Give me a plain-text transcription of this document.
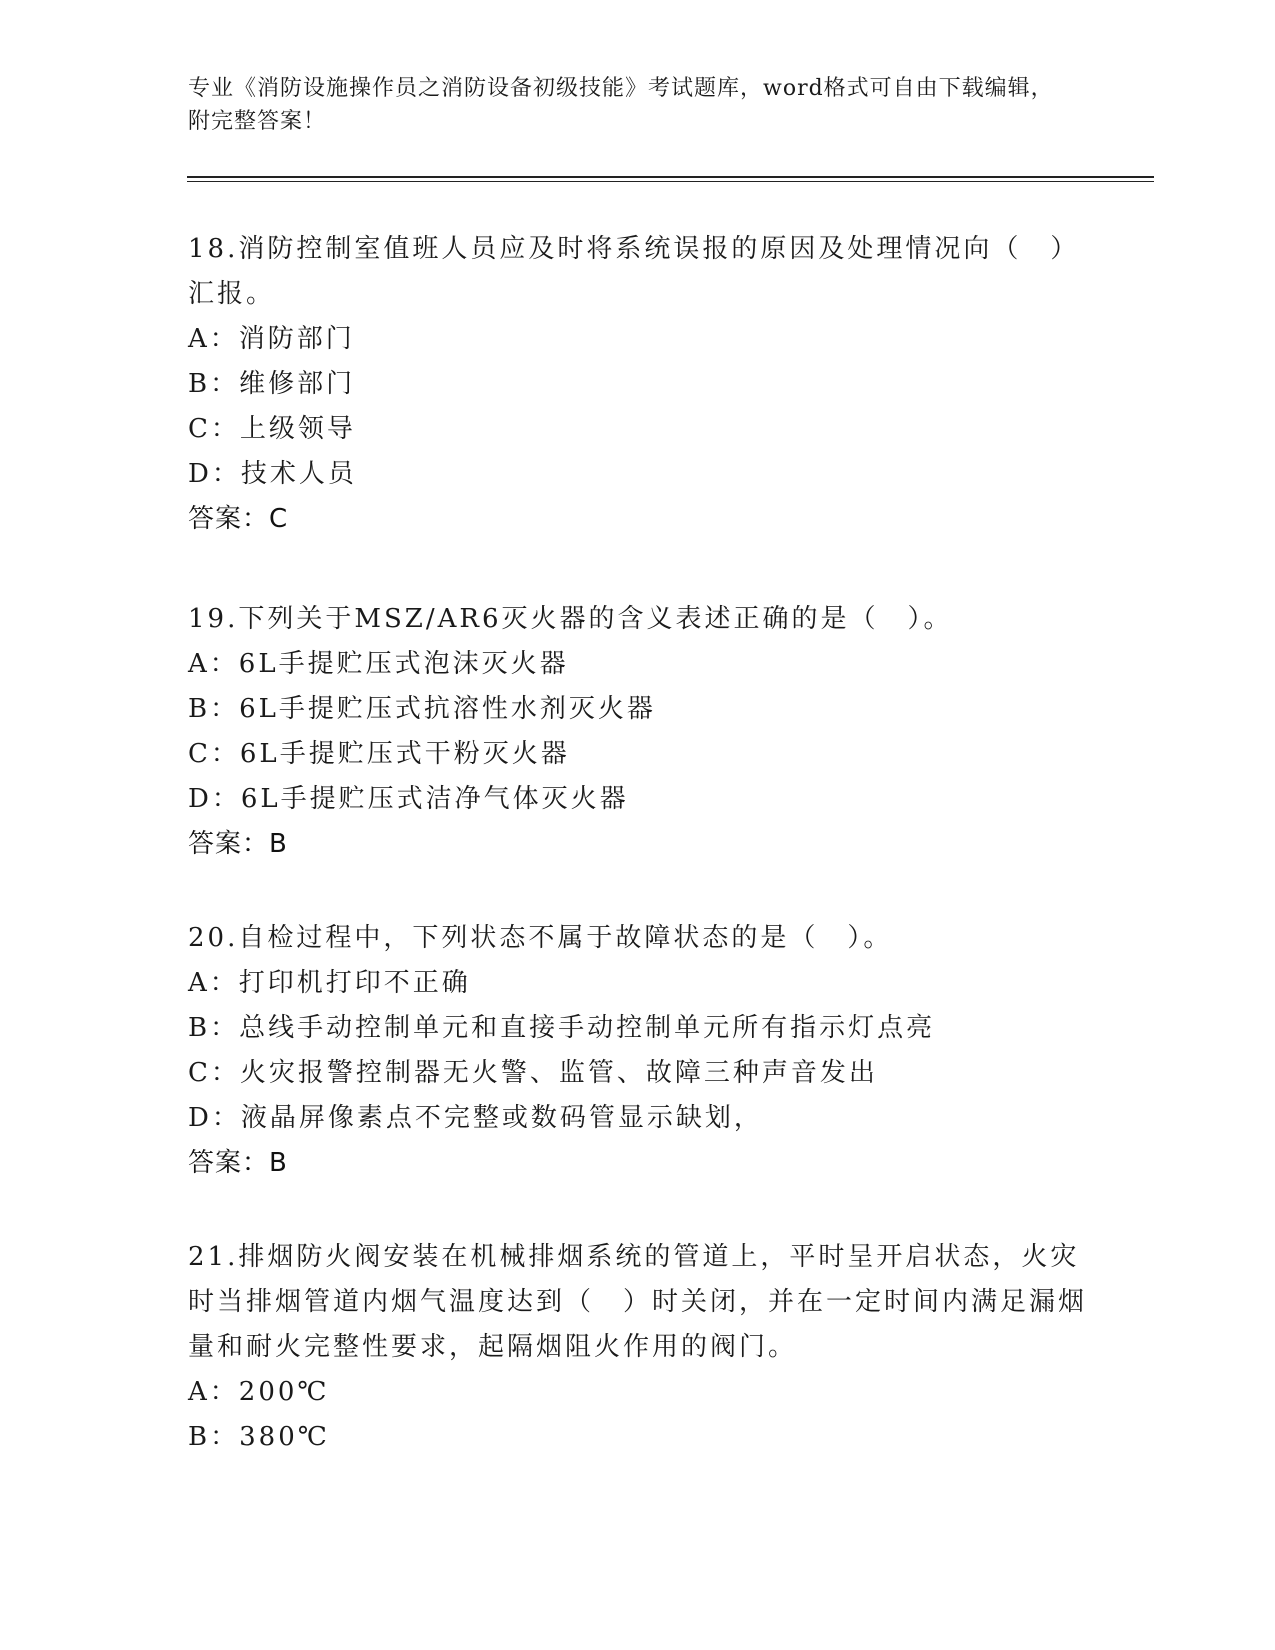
专业《消防设施操作员之消防设备初级技能》考试题库，word格式可自由下载编辑，附完整答案！

18.消防控制室值班人员应及时将系统误报的原因及处理情况向（　）汇报。

A：消防部门

B：维修部门

C：上级领导

D：技术人员

答案：C

19.下列关于MSZ/AR6灭火器的含义表述正确的是（　）。

A：6L手提贮压式泡沫灭火器

B：6L手提贮压式抗溶性水剂灭火器

C：6L手提贮压式干粉灭火器

D：6L手提贮压式洁净气体灭火器

答案：B

20.自检过程中，下列状态不属于故障状态的是（　）。

A：打印机打印不正确

B：总线手动控制单元和直接手动控制单元所有指示灯点亮

C：火灾报警控制器无火警、监管、故障三种声音发出

D：液晶屏像素点不完整或数码管显示缺划，

答案：B

21.排烟防火阀安装在机械排烟系统的管道上，平时呈开启状态，火灾时当排烟管道内烟气温度达到（　）时关闭，并在一定时间内满足漏烟量和耐火完整性要求，起隔烟阻火作用的阀门。

A：200℃

B：380℃
